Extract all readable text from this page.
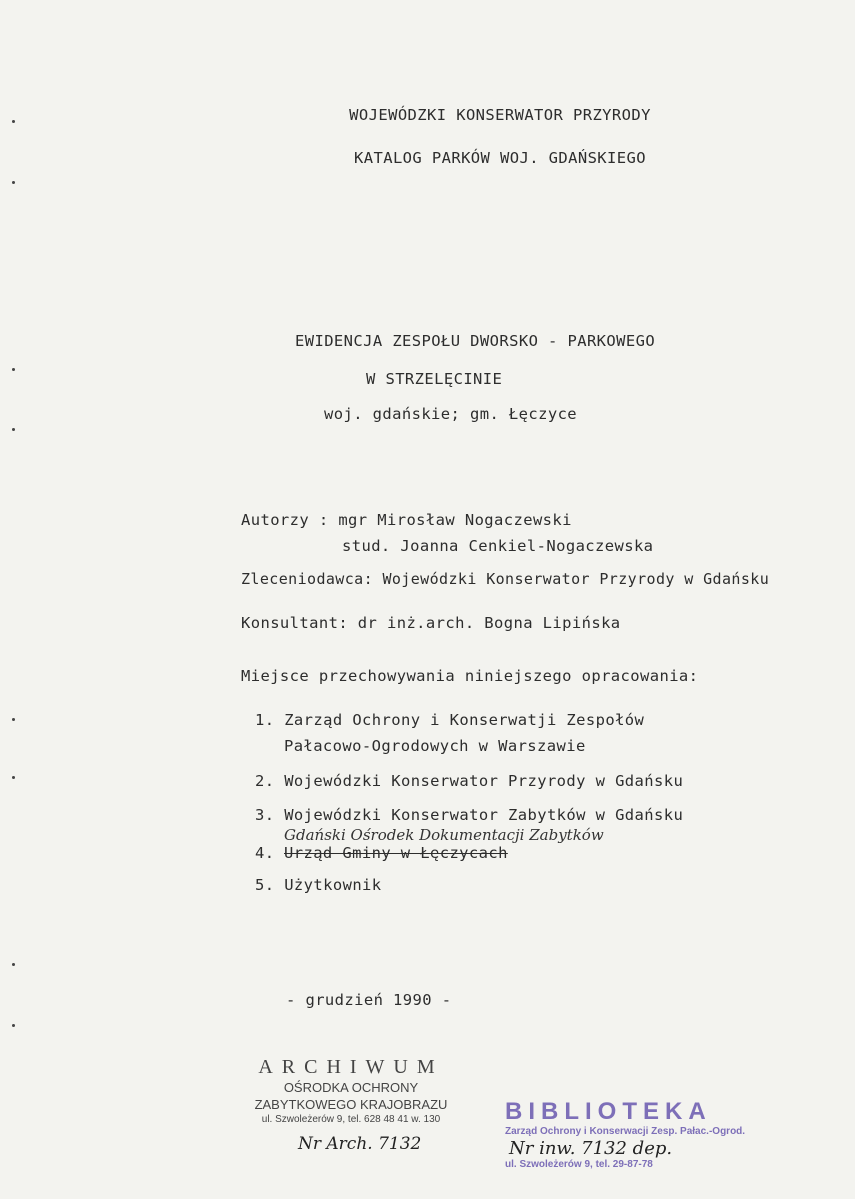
WOJEWÓDZKI KONSERWATOR PRZYRODY
KATALOG PARKÓW WOJ. GDAŃSKIEGO
EWIDENCJA ZESPOŁU DWORSKO - PARKOWEGO
W STRZELĘCINIE
woj. gdańskie; gm. Łęczyce
Autorzy : mgr Mirosław Nogaczewski
stud. Joanna Cenkiel-Nogaczewska
Zleceniodawca: Wojewódzki Konserwator Przyrody w Gdańsku
Konsultant: dr inż.arch. Bogna Lipińska
Miejsce przechowywania niniejszego opracowania:
1. Zarząd Ochrony i Konserwatji Zespołów
Pałacowo-Ogrodowych w Warszawie
2. Wojewódzki Konserwator Przyrody w Gdańsku
3. Wojewódzki Konserwator Zabytków w Gdańsku
Gdański Ośrodek Dokumentacji Zabytków
4. Urząd Gminy w Łęczycach
5. Użytkownik
- grudzień 1990 -
ARCHIWUM
OŚRODKA OCHRONY
ZABYTKOWEGO KRAJOBRAZU
ul. Szwoleżerów 9, tel. 628 48 41 w. 130
Nr Arch. 7132
BIBLIOTEKA
Zarząd Ochrony i Konserwacji Zesp. Pałac.-Ogrod.
Nr inw. 7132 dep.
ul. Szwoleżerów 9, tel. 29-87-78
